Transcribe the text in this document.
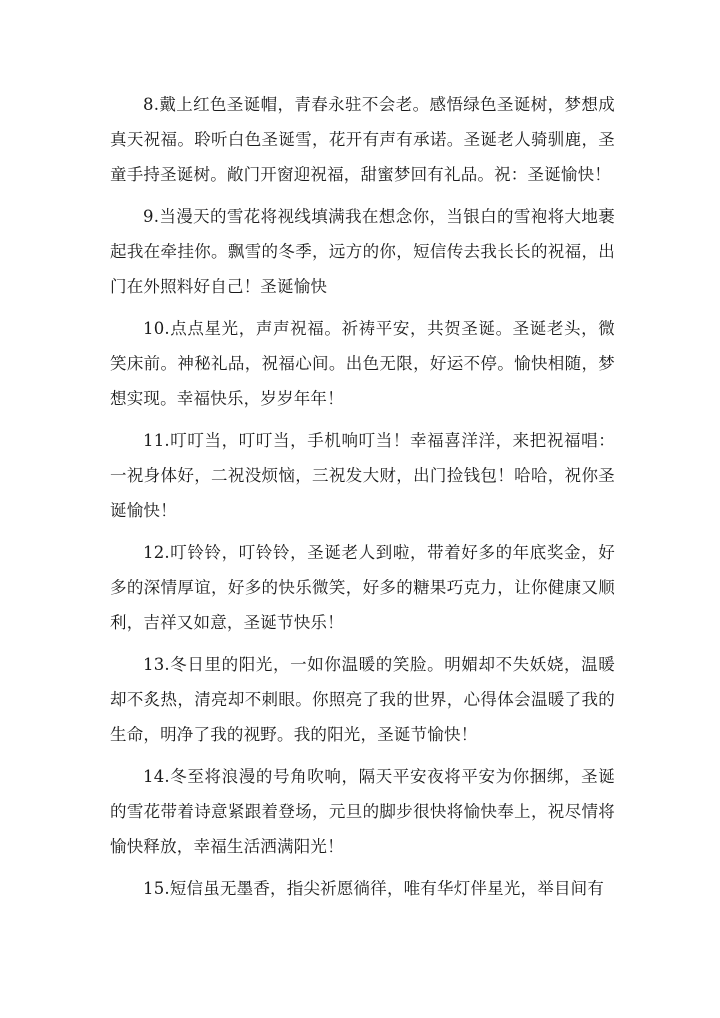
8.戴上红色圣诞帽，青春永驻不会老。感悟绿色圣诞树，梦想成真天祝福。聆听白色圣诞雪，花开有声有承诺。圣诞老人骑驯鹿，圣童手持圣诞树。敞门开窗迎祝福，甜蜜梦回有礼品。祝：圣诞愉快！

9.当漫天的雪花将视线填满我在想念你，当银白的雪袍将大地裹起我在牵挂你。飘雪的冬季，远方的你，短信传去我长长的祝福，出门在外照料好自己！圣诞愉快

10.点点星光，声声祝福。祈祷平安，共贺圣诞。圣诞老头，微笑床前。神秘礼品，祝福心间。出色无限，好运不停。愉快相随，梦想实现。幸福快乐，岁岁年年！

11.叮叮当，叮叮当，手机响叮当！幸福喜洋洋，来把祝福唱：一祝身体好，二祝没烦恼，三祝发大财，出门捡钱包！哈哈，祝你圣诞愉快！

12.叮铃铃，叮铃铃，圣诞老人到啦，带着好多的年底奖金，好多的深情厚谊，好多的快乐微笑，好多的糖果巧克力，让你健康又顺利，吉祥又如意，圣诞节快乐！

13.冬日里的阳光，一如你温暖的笑脸。明媚却不失妖娆，温暖却不炙热，清亮却不刺眼。你照亮了我的世界，心得体会温暖了我的生命，明净了我的视野。我的阳光，圣诞节愉快！

14.冬至将浪漫的号角吹响，隔天平安夜将平安为你捆绑，圣诞的雪花带着诗意紧跟着登场，元旦的脚步很快将愉快奉上，祝尽情将愉快释放，幸福生活洒满阳光！

15.短信虽无墨香，指尖祈愿徜徉，唯有华灯伴星光，举目间有
